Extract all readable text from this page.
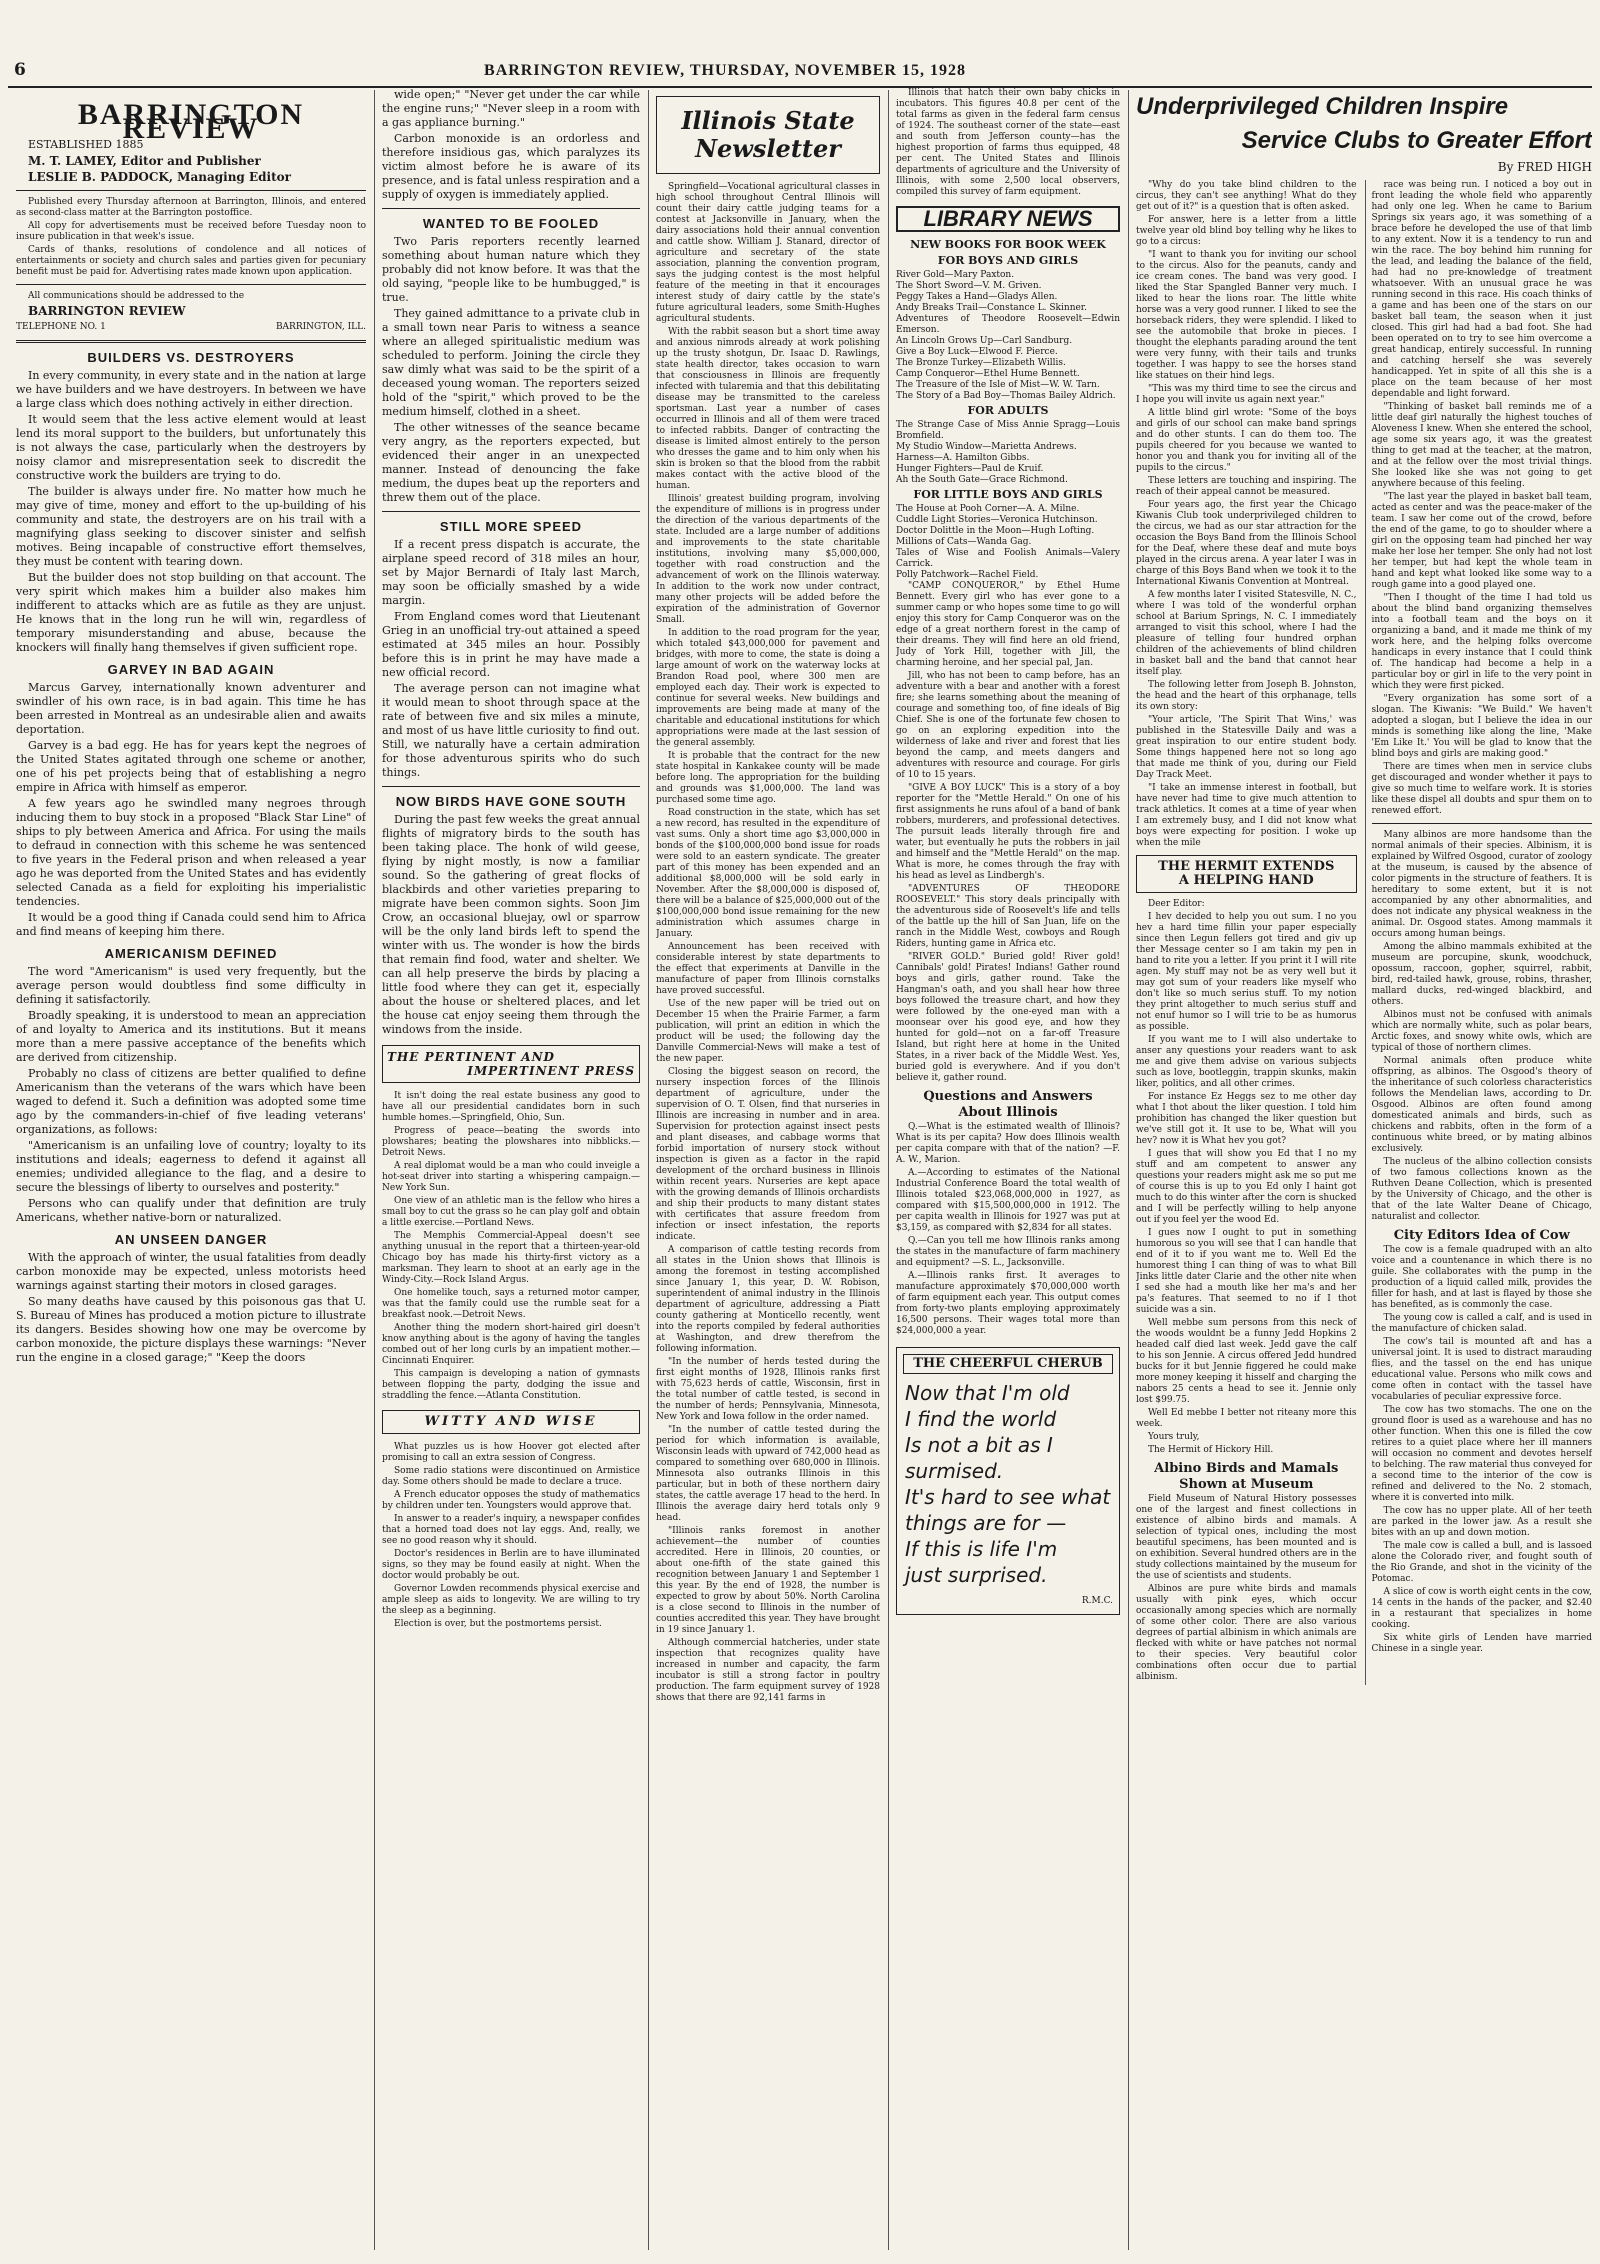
6	BARRINGTON REVIEW, THURSDAY, NOVEMBER 15, 1928
BARRINGTON REVIEW

ESTABLISHED 1885

M. T. LAMEY, Editor and Publisher

LESLIE B. PADDOCK, Managing Editor

Published every Thursday afternoon at Barrington, Illinois, and entered as second-class matter at the Barrington postoffice.

All copy for advertisements must be received before Tuesday noon to insure publication in that week's issue.

Cards of thanks, resolutions of condolence and all notices of entertainments or society and church sales and parties given for pecuniary benefit must be paid for. Advertising rates made known upon application.

All communications should be addressed to the

BARRINGTON REVIEW

TELEPHONE NO. 1	BARRINGTON, ILL.
BUILDERS VS. DESTROYERS

In every community, in every state and in the nation at large we have builders and we have destroyers. In between we have a large class which does nothing actively in either direction.

It would seem that the less active element would at least lend its moral support to the builders, but unfortunately this is not always the case, particularly when the destroyers by noisy clamor and misrepresentation seek to discredit the constructive work the builders are trying to do.

The builder is always under fire. No matter how much he may give of time, money and effort to the up-building of his community and state, the destroyers are on his trail with a magnifying glass seeking to discover sinister and selfish motives. Being incapable of constructive effort themselves, they must be content with tearing down.

But the builder does not stop building on that account. The very spirit which makes him a builder also makes him indifferent to attacks which are as futile as they are unjust. He knows that in the long run he will win, regardless of temporary misunderstanding and abuse, because the knockers will finally hang themselves if given sufficient rope.

GARVEY IN BAD AGAIN

Marcus Garvey, internationally known adventurer and swindler of his own race, is in bad again. This time he has been arrested in Montreal as an undesirable alien and awaits deportation.

Garvey is a bad egg. He has for years kept the negroes of the United States agitated through one scheme or another, one of his pet projects being that of establishing a negro empire in Africa with himself as emperor.

A few years ago he swindled many negroes through inducing them to buy stock in a proposed "Black Star Line" of ships to ply between America and Africa. For using the mails to defraud in connection with this scheme he was sentenced to five years in the Federal prison and when released a year ago he was deported from the United States and has evidently selected Canada as a field for exploiting his imperialistic tendencies.

It would be a good thing if Canada could send him to Africa and find means of keeping him there.

AMERICANISM DEFINED

The word "Americanism" is used very frequently, but the average person would doubtless find some difficulty in defining it satisfactorily.

Broadly speaking, it is understood to mean an appreciation of and loyalty to America and its institutions. But it means more than a mere passive acceptance of the benefits which are derived from citizenship.

Probably no class of citizens are better qualified to define Americanism than the veterans of the wars which have been waged to defend it. Such a definition was adopted some time ago by the commanders-in-chief of five leading veterans' organizations, as follows:

"Americanism is an unfailing love of country; loyalty to its institutions and ideals; eagerness to defend it against all enemies; undivided allegiance to the flag, and a desire to secure the blessings of liberty to ourselves and posterity."

Persons who can qualify under that definition are truly Americans, whether native-born or naturalized.

AN UNSEEN DANGER

With the approach of winter, the usual fatalities from deadly carbon monoxide may be expected, unless motorists heed warnings against starting their motors in closed garages.

So many deaths have caused by this poisonous gas that U. S. Bureau of Mines has produced a motion picture to illustrate its dangers. Besides showing how one may be overcome by carbon monoxide, the picture displays these warnings: "Never run the engine in a closed garage;" "Keep the doors

wide open;" "Never get under the car while the engine runs;" "Never sleep in a room with a gas appliance burning."

Carbon monoxide is an ordorless and therefore insidious gas, which paralyzes its victim almost before he is aware of its presence, and is fatal unless respiration and a supply of oxygen is immediately applied.

WANTED TO BE FOOLED

Two Paris reporters recently learned something about human nature which they probably did not know before. It was that the old saying, "people like to be humbugged," is true.

They gained admittance to a private club in a small town near Paris to witness a seance where an alleged spiritualistic medium was scheduled to perform. Joining the circle they saw dimly what was said to be the spirit of a deceased young woman. The reporters seized hold of the "spirit," which proved to be the medium himself, clothed in a sheet.

The other witnesses of the seance became very angry, as the reporters expected, but evidenced their anger in an unexpected manner. Instead of denouncing the fake medium, the dupes beat up the reporters and threw them out of the place.

STILL MORE SPEED

If a recent press dispatch is accurate, the airplane speed record of 318 miles an hour, set by Major Bernardi of Italy last March, may soon be officially smashed by a wide margin.

From England comes word that Lieutenant Grieg in an unofficial try-out attained a speed estimated at 345 miles an hour. Possibly before this is in print he may have made a new official record.

The average person can not imagine what it would mean to shoot through space at the rate of between five and six miles a minute, and most of us have little curiosity to find out. Still, we naturally have a certain admiration for those adventurous spirits who do such things.

NOW BIRDS HAVE GONE SOUTH

During the past few weeks the great annual flights of migratory birds to the south has been taking place. The honk of wild geese, flying by night mostly, is now a familiar sound. So the gathering of great flocks of blackbirds and other varieties preparing to migrate have been common sights. Soon Jim Crow, an occasional bluejay, owl or sparrow will be the only land birds left to spend the winter with us. The wonder is how the birds that remain find food, water and shelter. We can all help preserve the birds by placing a little food where they can get it, especially about the house or sheltered places, and let the house cat enjoy seeing them through the windows from the inside.

THE PERTINENT AND
IMPERTINENT PRESS

It isn't doing the real estate business any good to have all our presidential candidates born in such humble homes.—Springfield, Ohio, Sun.

Progress of peace—beating the swords into plowshares; beating the plowshares into nibblicks.—Detroit News.

A real diplomat would be a man who could inveigle a hot-seat driver into starting a whispering campaign.—New York Sun.

One view of an athletic man is the fellow who hires a small boy to cut the grass so he can play golf and obtain a little exercise.—Portland News.

The Memphis Commercial-Appeal doesn't see anything unusual in the report that a thirteen-year-old Chicago boy has made his thirty-first victory as a marksman. They learn to shoot at an early age in the Windy-City.—Rock Island Argus.

One homelike touch, says a returned motor camper, was that the family could use the rumble seat for a breakfast nook.—Detroit News.

Another thing the modern short-haired girl doesn't know anything about is the agony of having the tangles combed out of her long curls by an impatient mother.—Cincinnati Enquirer.

This campaign is developing a nation of gymnasts between flopping the party, dodging the issue and straddling the fence.—Atlanta Constitution.

WITTY AND WISE

What puzzles us is how Hoover got elected after promising to call an extra session of Congress.

Some radio stations were discontinued on Armistice day. Some others should be made to declare a truce.

A French educator opposes the study of mathematics by children under ten. Youngsters would approve that.

In answer to a reader's inquiry, a newspaper confides that a horned toad does not lay eggs. And, really, we see no good reason why it should.

Doctor's residences in Berlin are to have illuminated signs, so they may be found easily at night. When the doctor would probably be out.

Governor Lowden recommends physical exercise and ample sleep as aids to longevity. We are willing to try the sleep as a beginning.

Election is over, but the postmortems persist.

Illinois State
Newsletter

Springfield—Vocational agricultural classes in high school throughout Central Illinois will count their dairy cattle judging teams for a contest at Jacksonville in January, when the dairy associations hold their annual convention and cattle show. William J. Stanard, director of agriculture and secretary of the state association, planning the convention program, says the judging contest is the most helpful feature of the meeting in that it encourages interest study of dairy cattle by the state's future agricultural leaders, some Smith-Hughes agricultural students.

With the rabbit season but a short time away and anxious nimrods already at work polishing up the trusty shotgun, Dr. Isaac D. Rawlings, state health director, takes occasion to warn that consciousness in Illinois are frequently infected with tularemia and that this debilitating disease may be transmitted to the careless sportsman. Last year a number of cases occurred in Illinois and all of them were traced to infected rabbits. Danger of contracting the disease is limited almost entirely to the person who dresses the game and to him only when his skin is broken so that the blood from the rabbit makes contact with the active blood of the human.

Illinois' greatest building program, involving the expenditure of millions is in progress under the direction of the various departments of the state. Included are a large number of additions and improvements to the state charitable institutions, involving many $5,000,000, together with road construction and the advancement of work on the Illinois waterway. In addition to the work now under contract, many other projects will be added before the expiration of the administration of Governor Small.

In addition to the road program for the year, which totaled $43,000,000 for pavement and bridges, with more to come, the state is doing a large amount of work on the waterway locks at Brandon Road pool, where 300 men are employed each day. Their work is expected to continue for several weeks. New buildings and improvements are being made at many of the charitable and educational institutions for which appropriations were made at the last session of the general assembly.

It is probable that the contract for the new state hospital in Kankakee county will be made before long. The appropriation for the building and grounds was $1,000,000. The land was purchased some time ago.

Road construction in the state, which has set a new record, has resulted in the expenditure of vast sums. Only a short time ago $3,000,000 in bonds of the $100,000,000 bond issue for roads were sold to an eastern syndicate. The greater part of this money has been expended and an additional $8,000,000 will be sold early in November. After the $8,000,000 is disposed of, there will be a balance of $25,000,000 out of the $100,000,000 bond issue remaining for the new administration which assumes charge in January.

Announcement has been received with considerable interest by state departments to the effect that experiments at Danville in the manufacture of paper from Illinois cornstalks have proved successful.

Use of the new paper will be tried out on December 15 when the Prairie Farmer, a farm publication, will print an edition in which the product will be used; the following day the Danville Commercial-News will make a test of the new paper.

Closing the biggest season on record, the nursery inspection forces of the Illinois department of agriculture, under the supervision of O. T. Olsen, find that nurseries in Illinois are increasing in number and in area. Supervision for protection against insect pests and plant diseases, and cabbage worms that forbid importation of nursery stock without inspection is given as a factor in the rapid development of the orchard business in Illinois within recent years. Nurseries are kept apace with the growing demands of Illinois orchardists and ship their products to many distant states with certificates that assure freedom from infection or insect infestation, the reports indicate.

A comparison of cattle testing records from all states in the Union shows that Illinois is among the foremost in testing accomplished since January 1, this year, D. W. Robison, superintendent of animal industry in the Illinois department of agriculture, addressing a Piatt county gathering at Monticello recently, went into the reports compiled by federal authorities at Washington, and drew therefrom the following information.

"In the number of herds tested during the first eight months of 1928, Illinois ranks first with 75,623 herds of cattle, Wisconsin, first in the total number of cattle tested, is second in the number of herds; Pennsylvania, Minnesota, New York and Iowa follow in the order named.

"In the number of cattle tested during the period for which information is available, Wisconsin leads with upward of 742,000 head as compared to something over 680,000 in Illinois. Minnesota also outranks Illinois in this particular, but in both of these northern dairy states, the cattle average 17 head to the herd. In Illinois the average dairy herd totals only 9 head.

"Illinois ranks foremost in another achievement—the number of counties accredited. Here in Illinois, 20 counties, or about one-fifth of the state gained this recognition between January 1 and September 1 this year. By the end of 1928, the number is expected to grow by about 50%. North Carolina is a close second to Illinois in the number of counties accredited this year. They have brought in 19 since January 1.

Although commercial hatcheries, under state inspection that recognizes quality have increased in number and capacity, the farm incubator is still a strong factor in poultry production. The farm equipment survey of 1928 shows that there are 92,141 farms in

Illinois that hatch their own baby chicks in incubators. This figures 40.8 per cent of the total farms as given in the federal farm census of 1924. The southeast corner of the state—east and south from Jefferson county—has the highest proportion of farms thus equipped, 48 per cent. The United States and Illinois departments of agriculture and the University of Illinois, with some 2,500 local observers, compiled this survey of farm equipment.

LIBRARY NEWS
NEW BOOKS FOR BOOK WEEK
FOR BOYS AND GIRLS

River Gold—Mary Paxton.

The Short Sword—V. M. Griven.

Peggy Takes a Hand—Gladys Allen.

Andy Breaks Trail—Constance L. Skinner.

Adventures of Theodore Roosevelt—Edwin Emerson.

An Lincoln Grows Up—Carl Sandburg.

Give a Boy Luck—Elwood F. Pierce.

The Bronze Turkey—Elizabeth Willis.

Camp Conqueror—Ethel Hume Bennett.

The Treasure of the Isle of Mist—W. W. Tarn.

The Story of a Bad Boy—Thomas Bailey Aldrich.

FOR ADULTS

The Strange Case of Miss Annie Spragg—Louis Bromfield.

My Studio Window—Marietta Andrews.

Harness—A. Hamilton Gibbs.

Hunger Fighters—Paul de Kruif.

Ah the South Gate—Grace Richmond.

FOR LITTLE BOYS AND GIRLS

The House at Pooh Corner—A. A. Milne.

Cuddle Light Stories—Veronica Hutchinson.

Doctor Dolittle in the Moon—Hugh Lofting.

Millions of Cats—Wanda Gag.

Tales of Wise and Foolish Animals—Valery Carrick.

Polly Patchwork—Rachel Field.

"CAMP CONQUEROR," by Ethel Hume Bennett. Every girl who has ever gone to a summer camp or who hopes some time to go will enjoy this story for Camp Conqueror was on the edge of a great northern forest in the camp of their dreams. They will find here an old friend, Judy of York Hill, together with Jill, the charming heroine, and her special pal, Jan.

Jill, who has not been to camp before, has an adventure with a bear and another with a forest fire; she learns something about the meaning of courage and something too, of fine ideals of Big Chief. She is one of the fortunate few chosen to go on an exploring expedition into the wilderness of lake and river and forest that lies beyond the camp, and meets dangers and adventures with resource and courage. For girls of 10 to 15 years.

"GIVE A BOY LUCK" This is a story of a boy reporter for the "Mettle Herald." On one of his first assignments he runs afoul of a band of bank robbers, murderers, and professional detectives. The pursuit leads literally through fire and water, but eventually he puts the robbers in jail and himself and the "Mettle Herald" on the map. What is more, he comes through the fray with his head as level as Lindbergh's.

"ADVENTURES OF THEODORE ROOSEVELT." This story deals principally with the adventurous side of Roosevelt's life and tells of the battle up the hill of San Juan, life on the ranch in the Middle West, cowboys and Rough Riders, hunting game in Africa etc.

"RIVER GOLD." Buried gold! River gold! Cannibals' gold! Pirates! Indians! Gather round boys and girls, gather round. Take the Hangman's oath, and you shall hear how three boys followed the treasure chart, and how they were followed by the one-eyed man with a moonsear over his good eye, and how they hunted for gold—not on a far-off Treasure Island, but right here at home in the United States, in a river back of the Middle West. Yes, buried gold is everywhere. And if you don't believe it, gather round.

Questions and Answers
About Illinois

Q.—What is the estimated wealth of Illinois? What is its per capita? How does Illinois wealth per capita compare with that of the nation? —F. A. W., Marion.

A.—According to estimates of the National Industrial Conference Board the total wealth of Illinois totaled $23,068,000,000 in 1927, as compared with $15,500,000,000 in 1912. The per capita wealth in Illinois for 1927 was put at $3,159, as compared with $2,834 for all states.

Q.—Can you tell me how Illinois ranks among the states in the manufacture of farm machinery and equipment? —S. L., Jacksonville.

A.—Illinois ranks first. It averages to manufacture approximately $70,000,000 worth of farm equipment each year. This output comes from forty-two plants employing approximately 16,500 persons. Their wages total more than $24,000,000 a year.

THE CHEERFUL CHERUB
Now that I'm old
I find the world
Is not a bit as I
surmised.
It's hard to see what
things are for —
If this is life I'm
just surprised.
R.M.C.
Underprivileged Children Inspire
Service Clubs to Greater Effort
By FRED HIGH

"Why do you take blind children to the circus, they can't see anything! What do they get out of it?" is a question that is often asked.

For answer, here is a letter from a little twelve year old blind boy telling why he likes to go to a circus:

"I want to thank you for inviting our school to the circus. Also for the peanuts, candy and ice cream cones. The band was very good. I liked the Star Spangled Banner very much. I liked to hear the lions roar. The little white horse was a very good runner. I liked to see the horseback riders, they were splendid. I liked to see the automobile that broke in pieces. I thought the elephants parading around the tent were very funny, with their tails and trunks together. I was happy to see the horses stand like statues on their hind legs.

"This was my third time to see the circus and I hope you will invite us again next year."

A little blind girl wrote: "Some of the boys and girls of our school can make band springs and do other stunts. I can do them too. The pupils cheered for you because we wanted to honor you and thank you for inviting all of the pupils to the circus."

These letters are touching and inspiring. The reach of their appeal cannot be measured.

Four years ago, the first year the Chicago Kiwanis Club took underprivileged children to the circus, we had as our star attraction for the occasion the Boys Band from the Illinois School for the Deaf, where these deaf and mute boys played in the circus arena. A year later I was in charge of this Boys Band when we took it to the International Kiwanis Convention at Montreal.

A few months later I visited Statesville, N. C., where I was told of the wonderful orphan school at Barium Springs, N. C. I immediately arranged to visit this school, where I had the pleasure of telling four hundred orphan children of the achievements of blind children in basket ball and the band that cannot hear itself play.

The following letter from Joseph B. Johnston, the head and the heart of this orphanage, tells its own story:

"Your article, 'The Spirit That Wins,' was published in the Statesville Daily and was a great inspiration to our entire student body. Some things happened here not so long ago that made me think of you, during our Field Day Track Meet.

"I take an immense interest in football, but have never had time to give much attention to track athletics. It comes at a time of year when I am extremely busy, and I did not know what boys were expecting for position. I woke up when the mile

THE HERMIT EXTENDS
A HELPING HAND

Deer Editor:

I hev decided to help you out sum. I no you hev a hard time fillin your paper especially since then Legun fellers got tired and giv up ther Message center so I am takin my pen in hand to rite you a letter. If you print it I will rite agen. My stuff may not be as very well but it may got sum of your readers like myself who don't like so much serius stuff. To my notion they print altogether to much serius stuff and not enuf humor so I will trie to be as humorus as possible.

If you want me to I will also undertake to anser any questions your readers want to ask me and give them advise on various subjects such as love, bootleggin, trappin skunks, makin liker, politics, and all other crimes.

For instance Ez Heggs sez to me other day what I thot about the liker question. I told him prohibition has changed the liker question but we've still got it. It use to be, What will you hev? now it is What hev you got?

I gues that will show you Ed that I no my stuff and am competent to answer any questions your readers might ask me so put me of course this is up to you Ed only I haint got much to do this winter after the corn is shucked and I will be perfectly willing to help anyone out if you feel yer the wood Ed.

I gues now I ought to put in something humorous so you will see that I can handle that end of it to if you want me to. Well Ed the humorest thing I can thing of was to what Bill Jinks little dater Clarie and the other nite when I sed she had a mouth like her ma's and her pa's features. That seemed to no if I thot suicide was a sin.

Well mebbe sum persons from this neck of the woods wouldnt be a funny Jedd Hopkins 2 headed calf died last week. Jedd gave the calf to his son Jennie. A circus offered Jedd hundred bucks for it but Jennie figgered he could make more money keeping it hisself and charging the nabors 25 cents a head to see it. Jennie only lost $99.75.

Well Ed mebbe I better not riteany more this week.

Yours truly,

The Hermit of Hickory Hill.

Albino Birds and Mamals
Shown at Museum

Field Museum of Natural History possesses one of the largest and finest collections in existence of albino birds and mamals. A selection of typical ones, including the most beautiful specimens, has been mounted and is on exhibition. Several hundred others are in the study collections maintained by the museum for the use of scientists and students.

Albinos are pure white birds and mamals usually with pink eyes, which occur occasionally among species which are normally of some other color. There are also various degrees of partial albinism in which animals are flecked with white or have patches not normal to their species. Very beautiful color combinations often occur due to partial albinism.

race was being run. I noticed a boy out in front leading the whole field who apparently had only one leg. When he came to Barium Springs six years ago, it was something of a brace before he developed the use of that limb to any extent. Now it is a tendency to run and win the race. The boy behind him running for the lead, and leading the balance of the field, had had no pre-knowledge of treatment whatsoever. With an unusual grace he was running second in this race. His coach thinks of a game and has been one of the stars on our basket ball team, the season when it just closed. This girl had had a bad foot. She had been operated on to try to see him overcome a great handicap, entirely successful. In running and catching herself she was severely handicapped. Yet in spite of all this she is a place on the team because of her most dependable and light forward.

"Thinking of basket ball reminds me of a little deaf girl naturally the highest touches of Aloveness I knew. When she entered the school, age some six years ago, it was the greatest thing to get mad at the teacher, at the matron, and at the fellow over the most trivial things. She looked like she was not going to get anywhere because of this feeling.

"The last year the played in basket ball team, acted as center and was the peace-maker of the team. I saw her come out of the crowd, before the end of the game, to go to shoulder where a girl on the opposing team had pinched her way make her lose her temper. She only had not lost her temper, but had kept the whole team in hand and kept what looked like some way to a rough game into a good played one.

"Then I thought of the time I had told us about the blind band organizing themselves into a football team and the boys on it organizing a band, and it made me think of my work here, and the helping folks overcome handicaps in every instance that I could think of. The handicap had become a help in a particular boy or girl in life to the very point in which they were first picked.

"Every organization has some sort of a slogan. The Kiwanis: "We Build." We haven't adopted a slogan, but I believe the idea in our minds is something like along the line, 'Make 'Em Like It.' You will be glad to know that the blind boys and girls are making good."

There are times when men in service clubs get discouraged and wonder whether it pays to give so much time to welfare work. It is stories like these dispel all doubts and spur them on to renewed effort.

Many albinos are more handsome than the normal animals of their species. Albinism, it is explained by Wilfred Osgood, curator of zoology at the museum, is caused by the absence of color pigments in the structure of feathers. It is hereditary to some extent, but it is not accompanied by any other abnormalities, and does not indicate any physical weakness in the animal. Dr. Osgood states. Among mammals it occurs among human beings.

Among the albino mammals exhibited at the museum are porcupine, skunk, woodchuck, opossum, raccoon, gopher, squirrel, rabbit, bird, red-tailed hawk, grouse, robins, thrasher, mallard ducks, red-winged blackbird, and others.

Albinos must not be confused with animals which are normally white, such as polar bears, Arctic foxes, and snowy white owls, which are typical of those of northern climes.

Normal animals often produce white offspring, as albinos. The Osgood's theory of the inheritance of such colorless characteristics follows the Mendelian laws, according to Dr. Osgood. Albinos are often found among domesticated animals and birds, such as chickens and rabbits, often in the form of a continuous white breed, or by mating albinos exclusively.

The nucleus of the albino collection consists of two famous collections known as the Ruthven Deane Collection, which is presented by the University of Chicago, and the other is that of the late Walter Deane of Chicago, naturalist and collector.

City Editors Idea of Cow

The cow is a female quadruped with an alto voice and a countenance in which there is no guile. She collaborates with the pump in the production of a liquid called milk, provides the filler for hash, and at last is flayed by those she has benefited, as is commonly the case.

The young cow is called a calf, and is used in the manufacture of chicken salad.

The cow's tail is mounted aft and has a universal joint. It is used to distract marauding flies, and the tassel on the end has unique educational value. Persons who milk cows and come often in contact with the tassel have vocabularies of peculiar expressive force.

The cow has two stomachs. The one on the ground floor is used as a warehouse and has no other function. When this one is filled the cow retires to a quiet place where her ill manners will occasion no comment and devotes herself to belching. The raw material thus conveyed for a second time to the interior of the cow is refined and delivered to the No. 2 stomach, where it is converted into milk.

The cow has no upper plate. All of her teeth are parked in the lower jaw. As a result she bites with an up and down motion.

The male cow is called a bull, and is lassoed alone the Colorado river, and fought south of the Rio Grande, and shot in the vicinity of the Potomac.

A slice of cow is worth eight cents in the cow, 14 cents in the hands of the packer, and $2.40 in a restaurant that specializes in home cooking.

Six white girls of Lenden have married Chinese in a single year.
